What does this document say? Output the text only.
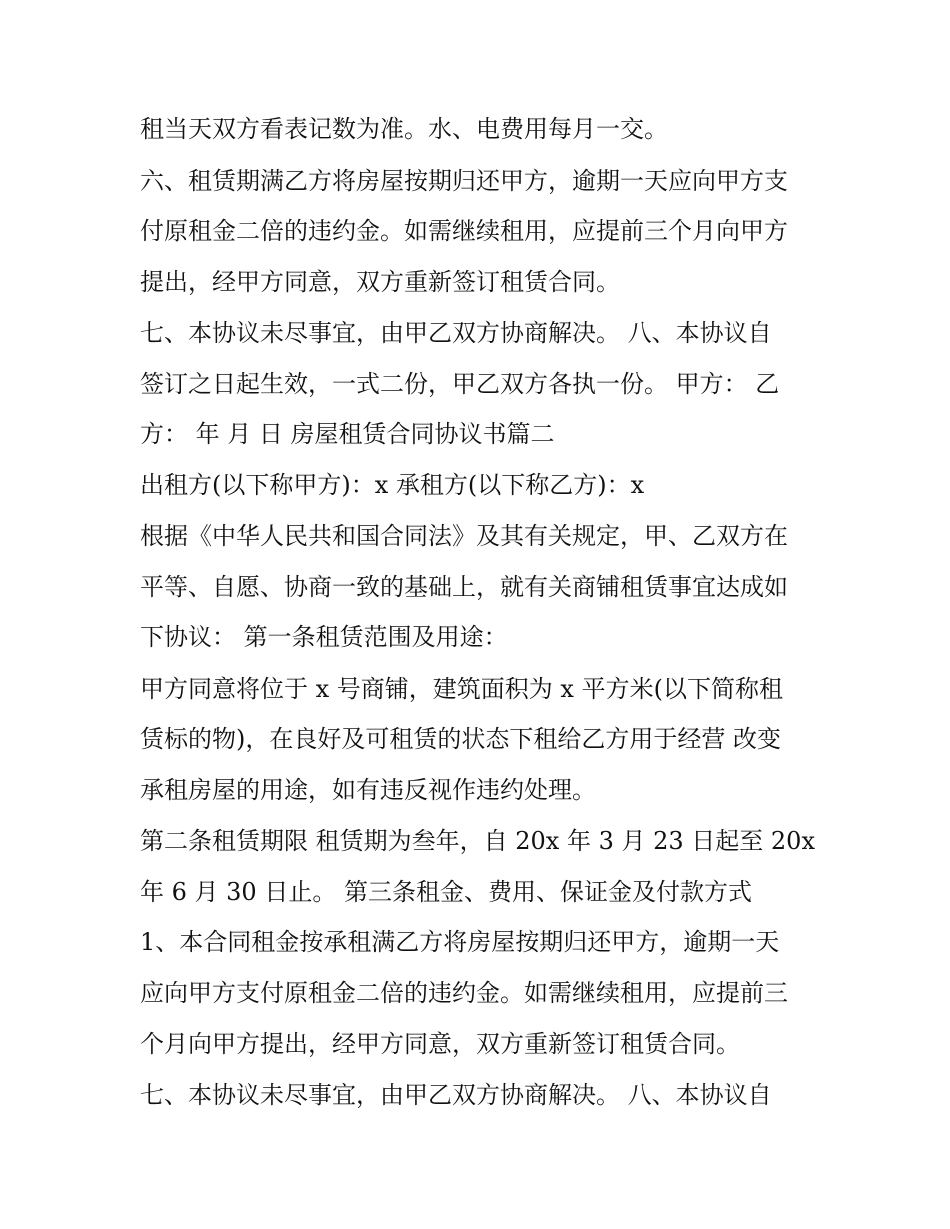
租当天双方看表记数为准。水、电费用每月一交。
六、租赁期满乙方将房屋按期归还甲方，逾期一天应向甲方支
付原租金二倍的违约金。如需继续租用，应提前三个月向甲方
提出，经甲方同意，双方重新签订租赁合同。
七、本协议未尽事宜，由甲乙双方协商解决。 八、本协议自
签订之日起生效，一式二份，甲乙双方各执一份。 甲方： 乙
方： 年 月 日 房屋租赁合同协议书篇二
出租方(以下称甲方)：x 承租方(以下称乙方)：x
根据《中华人民共和国合同法》及其有关规定，甲、乙双方在
平等、自愿、协商一致的基础上，就有关商铺租赁事宜达成如
下协议： 第一条租赁范围及用途：
甲方同意将位于 x 号商铺，建筑面积为 x 平方米(以下简称租
赁标的物)，在良好及可租赁的状态下租给乙方用于经营 改变
承租房屋的用途，如有违反视作违约处理。
第二条租赁期限 租赁期为叁年，自 20x 年 3 月 23 日起至 20x
年 6 月 30 日止。 第三条租金、费用、保证金及付款方式
1、本合同租金按承租满乙方将房屋按期归还甲方，逾期一天
应向甲方支付原租金二倍的违约金。如需继续租用，应提前三
个月向甲方提出，经甲方同意，双方重新签订租赁合同。
七、本协议未尽事宜，由甲乙双方协商解决。 八、本协议自
